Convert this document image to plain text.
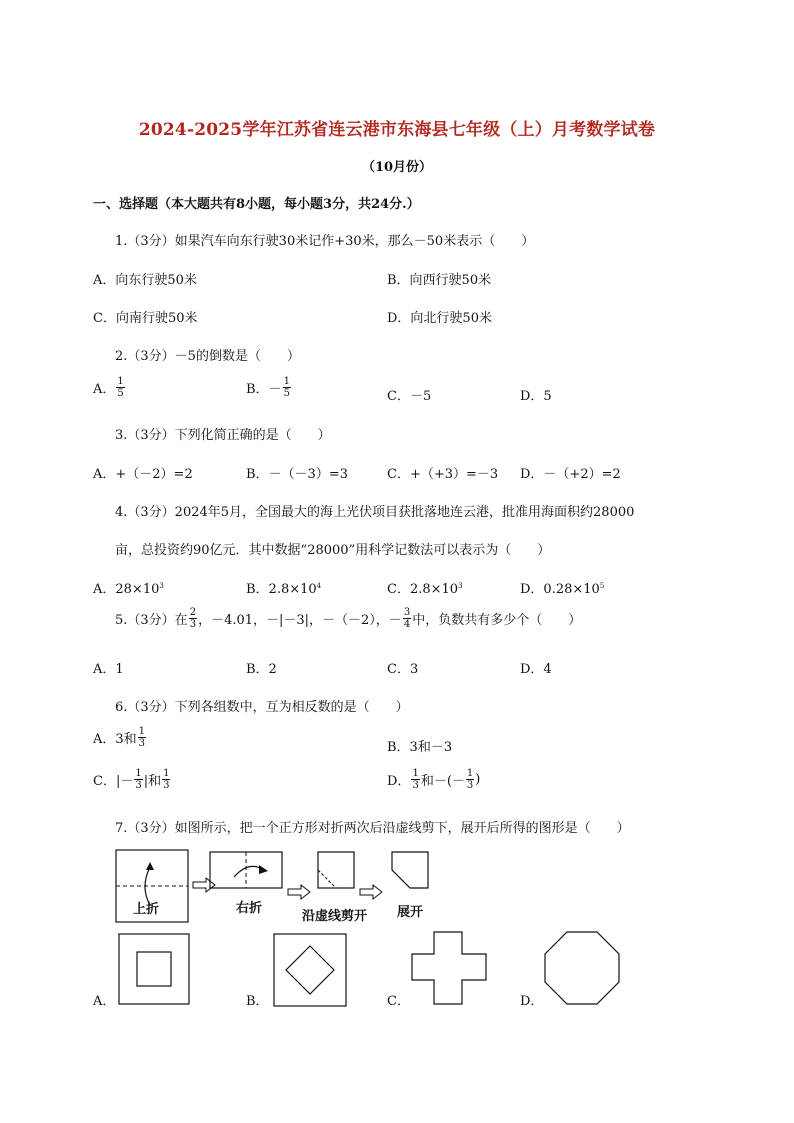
2024-2025学年江苏省连云港市东海县七年级（上）月考数学试卷
（10月份）
一、选择题（本大题共有8小题，每小题3分，共24分.）
1.（3分）如果汽车向东行驶30米记作+30米，那么－50米表示（　　）
A．向东行驶50米	B．向西行驶50米
C．向南行驶50米	D．向北行驶50米
2.（3分）－5的倒数是（　　）
A． $\frac{1}{5}$	B．－ $\frac{1}{5}$	C．－5	D．5
3.（3分）下列化简正确的是（　　）
A．+（－2）=2	B．－（－3）=3	C．+（+3）=－3 D．－（+2）=2
4.（3分）2024年5月，全国最大的海上光伏项目获批落地连云港，批准用海面积约28000
亩，总投资约90亿元．其中数据“28000”用科学记数法可以表示为（　　）
A．$28\times 10^3$	B．$2.8\times 10^4$	C．$2.8\times 10^3$	D．$0.28\times 10^5$
5.（3分）在 $\frac{2}{3}$ ，－4.01，－|－3|，－（－2），－ $\frac{3}{4}$ 中，负数共有多少个（　　）
A．1	B．2	C．3	D．4
6.（3分）下列各组数中，互为相反数的是（　　）
A．3和 $\frac{1}{3}$	B．3和－3
C．|－ $\frac{1}{3}$ |和 $\frac{1}{3}$	D． $\frac{1}{3}$ 和－(－ $\frac{1}{3}$ )
7.（3分）如图所示，把一个正方形对折两次后沿虚线剪下，展开后所得的图形是（　　）
上折	右折
沿虚线剪开 展开
A．	B．	C．	D．
